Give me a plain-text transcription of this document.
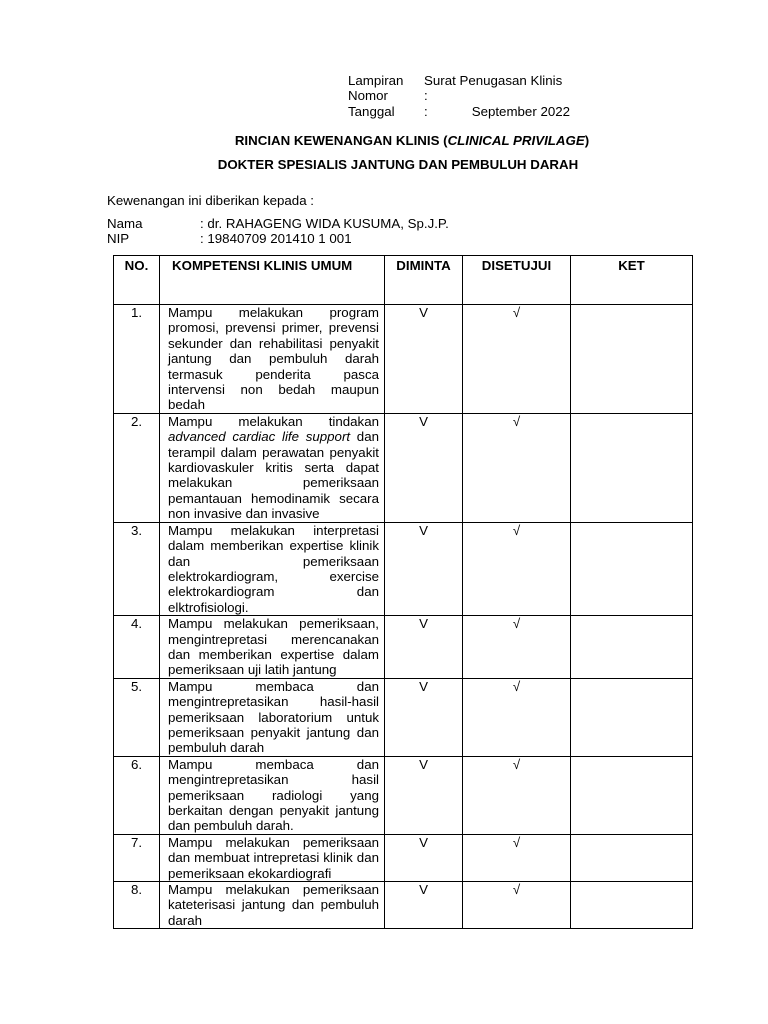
Lampiran	Surat Penugasan Klinis
Nomor	:
Tanggal	:	September 2022
RINCIAN KEWENANGAN KLINIS (CLINICAL PRIVILAGE)
DOKTER SPESIALIS JANTUNG DAN PEMBULUH DARAH
Kewenangan ini diberikan kepada :
Nama	: dr. RAHAGENG WIDA KUSUMA, Sp.J.P.
NIP	: 19840709 201410 1 001
NO.	KOMPETENSI KLINIS UMUM	DIMINTA	DISETUJUI	KET
1.	Mampu melakukan program promosi, prevensi primer, prevensi sekunder dan rehabilitasi penyakit jantung dan pembuluh darah termasuk penderita pasca intervensi non bedah maupun bedah	V	√	
2.	Mampu melakukan tindakan advanced cardiac life support dan terampil dalam perawatan penyakit kardiovaskuler kritis serta dapat melakukan pemeriksaan pemantauan hemodinamik secara non invasive dan invasive	V	√	
3.	Mampu melakukan interpretasi dalam memberikan expertise klinik dan pemeriksaan elektrokardiogram, exercise elektrokardiogram dan elktrofisiologi.	V	√	
4.	Mampu melakukan pemeriksaan, mengintrepretasi merencanakan dan memberikan expertise dalam pemeriksaan uji latih jantung	V	√	
5.	Mampu membaca dan mengintrepretasikan hasil-hasil pemeriksaan laboratorium untuk pemeriksaan penyakit jantung dan pembuluh darah	V	√	
6.	Mampu membaca dan mengintrepretasikan hasil pemeriksaan radiologi yang berkaitan dengan penyakit jantung dan pembuluh darah.	V	√	
7.	Mampu melakukan pemeriksaan dan membuat intrepretasi klinik dan pemeriksaan ekokardiografi	V	√	
8.	Mampu melakukan pemeriksaan kateterisasi jantung dan pembuluh darah	V	√	
